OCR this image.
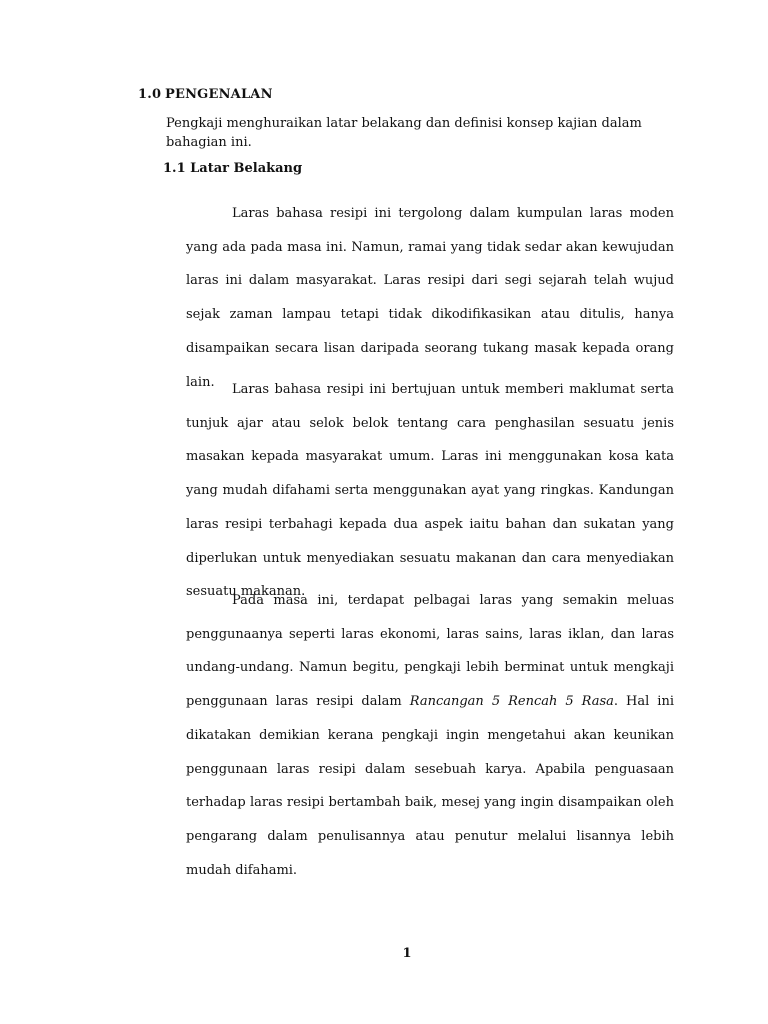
1.0 PENGENALAN
Pengkaji menghuraikan latar belakang dan definisi konsep kajian dalam bahagian ini.
1.1 Latar Belakang

Laras bahasa resipi ini tergolong dalam kumpulan laras moden yang ada pada masa ini. Namun, ramai yang tidak sedar akan kewujudan laras ini dalam masyarakat. Laras resipi dari segi sejarah telah wujud sejak zaman lampau tetapi tidak dikodifikasikan atau ditulis, hanya disampaikan secara lisan daripada seorang tukang masak kepada orang lain.	Laras bahasa resipi ini bertujuan untuk memberi maklumat serta tunjuk ajar atau selok belok tentang cara penghasilan sesuatu jenis masakan kepada masyarakat umum. Laras ini menggunakan kosa kata yang mudah difahami serta menggunakan ayat yang ringkas. Kandungan laras resipi terbahagi kepada dua aspek iaitu bahan dan sukatan yang diperlukan untuk menyediakan sesuatu makanan dan cara menyediakan sesuatu makanan.

Pada masa ini, terdapat pelbagai laras yang semakin meluas penggunaanya seperti laras ekonomi, laras sains, laras iklan, dan laras undang-undang. Namun begitu, pengkaji lebih berminat untuk mengkaji penggunaan laras resipi dalam Rancangan 5 Rencah 5 Rasa. Hal ini dikatakan demikian kerana pengkaji ingin mengetahui akan keunikan penggunaan laras resipi dalam sesebuah karya. Apabila penguasaan terhadap laras resipi bertambah baik, mesej yang ingin disampaikan oleh pengarang dalam penulisannya atau penutur melalui lisannya lebih mudah difahami.

1
